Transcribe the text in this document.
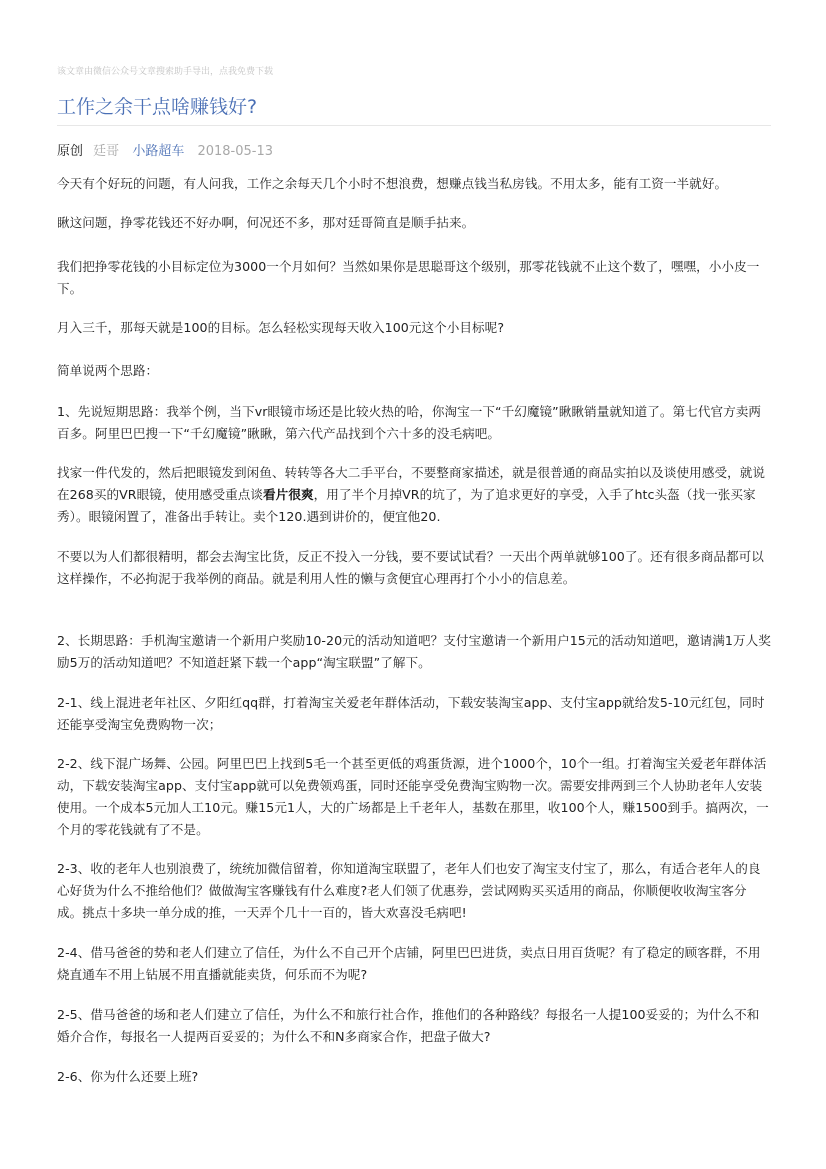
该文章由微信公众号文章搜索助手导出，点我免费下载
工作之余干点啥赚钱好?
原创 廷哥 小路超车 2018-05-13

今天有个好玩的问题，有人问我，工作之余每天几个小时不想浪费，想赚点钱当私房钱。不用太多，能有工资一半就好。

瞅这问题，挣零花钱还不好办啊，何况还不多，那对廷哥简直是顺手拈来。

我们把挣零花钱的小目标定位为3000一个月如何？当然如果你是思聪哥这个级别，那零花钱就不止这个数了，嘿嘿，小小皮一下。

月入三千，那每天就是100的目标。怎么轻松实现每天收入100元这个小目标呢?

简单说两个思路：

1、先说短期思路：我举个例，当下vr眼镜市场还是比较火热的哈，你淘宝一下“千幻魔镜”瞅瞅销量就知道了。第七代官方卖两百多。阿里巴巴搜一下“千幻魔镜”瞅瞅，第六代产品找到个六十多的没毛病吧。

找家一件代发的，然后把眼镜发到闲鱼、转转等各大二手平台，不要整商家描述，就是很普通的商品实拍以及谈使用感受，就说在268买的VR眼镜，使用感受重点谈看片很爽，用了半个月掉VR的坑了，为了追求更好的享受，入手了htc头盔（找一张买家秀）。眼镜闲置了，准备出手转让。卖个120.遇到讲价的，便宜他20.

不要以为人们都很精明，都会去淘宝比货，反正不投入一分钱，要不要试试看？一天出个两单就够100了。还有很多商品都可以这样操作，不必拘泥于我举例的商品。就是利用人性的懒与贪便宜心理再打个小小的信息差。

2、长期思路：手机淘宝邀请一个新用户奖励10-20元的活动知道吧？支付宝邀请一个新用户15元的活动知道吧，邀请满1万人奖励5万的活动知道吧？不知道赶紧下载一个app“淘宝联盟”了解下。

2-1、线上混进老年社区、夕阳红qq群，打着淘宝关爱老年群体活动，下载安装淘宝app、支付宝app就给发5-10元红包，同时还能享受淘宝免费购物一次；

2-2、线下混广场舞、公园。阿里巴巴上找到5毛一个甚至更低的鸡蛋货源，进个1000个，10个一组。打着淘宝关爱老年群体活动，下载安装淘宝app、支付宝app就可以免费领鸡蛋，同时还能享受免费淘宝购物一次。需要安排两到三个人协助老年人安装使用。一个成本5元加人工10元。赚15元1人，大的广场都是上千老年人，基数在那里，收100个人，赚1500到手。搞两次，一个月的零花钱就有了不是。

2-3、收的老年人也别浪费了，统统加微信留着，你知道淘宝联盟了，老年人们也安了淘宝支付宝了，那么，有适合老年人的良心好货为什么不推给他们？做做淘宝客赚钱有什么难度?老人们领了优惠券，尝试网购买买适用的商品，你顺便收收淘宝客分成。挑点十多块一单分成的推，一天弄个几十一百的，皆大欢喜没毛病吧!

2-4、借马爸爸的势和老人们建立了信任，为什么不自己开个店铺，阿里巴巴进货，卖点日用百货呢？有了稳定的顾客群，不用烧直通车不用上钻展不用直播就能卖货，何乐而不为呢?

2-5、借马爸爸的场和老人们建立了信任，为什么不和旅行社合作，推他们的各种路线？每报名一人提100妥妥的；为什么不和婚介合作，每报名一人提两百妥妥的；为什么不和N多商家合作，把盘子做大?

2-6、你为什么还要上班?
